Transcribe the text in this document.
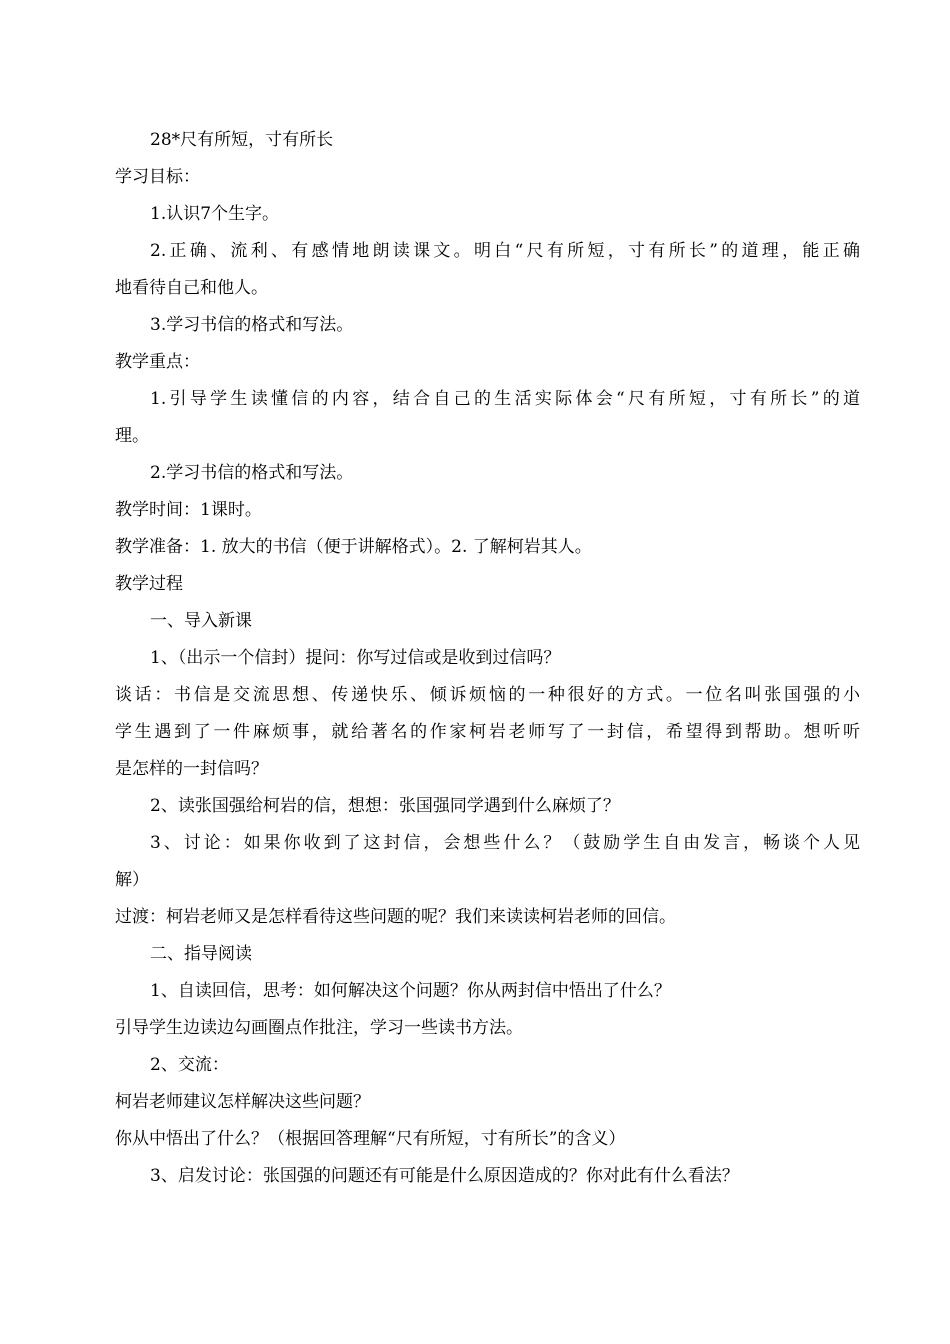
28*尺有所短，寸有所长
学习目标：
1.认识7个生字。
2.正确、流利、有感情地朗读课文。明白“尺有所短，寸有所长”的道理，能正确
地看待自己和他人。
3.学习书信的格式和写法。
教学重点：
1.引导学生读懂信的内容，结合自己的生活实际体会“尺有所短，寸有所长”的道
理。
2.学习书信的格式和写法。
教学时间：1课时。
教学准备：1. 放大的书信（便于讲解格式）。2. 了解柯岩其人。
教学过程
一、导入新课
1、（出示一个信封）提问：你写过信或是收到过信吗？
谈话：书信是交流思想、传递快乐、倾诉烦恼的一种很好的方式。一位名叫张国强的小
学生遇到了一件麻烦事，就给著名的作家柯岩老师写了一封信，希望得到帮助。想听听
是怎样的一封信吗？
2、读张国强给柯岩的信，想想：张国强同学遇到什么麻烦了？
3、讨论：如果你收到了这封信，会想些什么？（鼓励学生自由发言，畅谈个人见
解）
过渡：柯岩老师又是怎样看待这些问题的呢？我们来读读柯岩老师的回信。
二、指导阅读
1、自读回信，思考：如何解决这个问题？你从两封信中悟出了什么？
引导学生边读边勾画圈点作批注，学习一些读书方法。
2、交流：
柯岩老师建议怎样解决这些问题？
你从中悟出了什么？（根据回答理解“尺有所短，寸有所长”的含义）
3、启发讨论：张国强的问题还有可能是什么原因造成的？你对此有什么看法？
